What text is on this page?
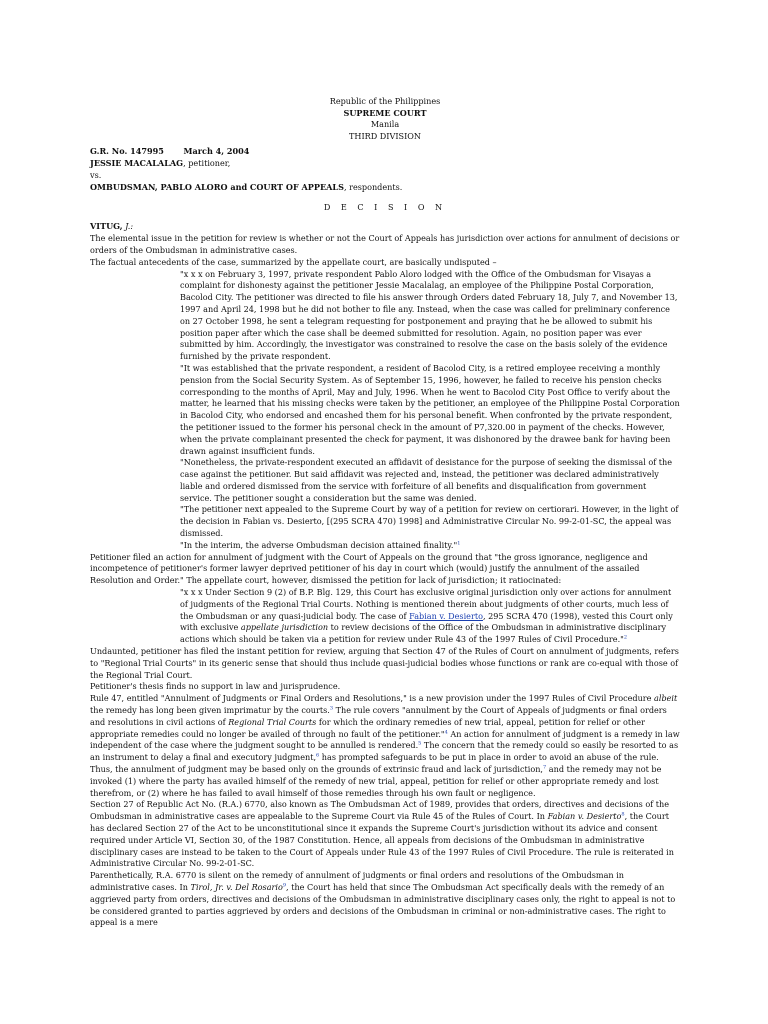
Republic of the Philippines

SUPREME COURT

Manila

THIRD DIVISION

G.R. No. 147995 March 4, 2004

JESSIE MACALALAG, petitioner,

vs.

OMBUDSMAN, PABLO ALORO and COURT OF APPEALS, respondents.

D E C I S I O N

VITUG, J.:

The elemental issue in the petition for review is whether or not the Court of Appeals has jurisdiction over actions for annulment of decisions or orders of the Ombudsman in administrative cases.

The factual antecedents of the case, summarized by the appellate court, are basically undisputed –

"x x x on February 3, 1997, private respondent Pablo Aloro lodged with the Office of the Ombudsman for Visayas a complaint for dishonesty against the petitioner Jessie Macalalag, an employee of the Philippine Postal Corporation, Bacolod City. The petitioner was directed to file his answer through Orders dated February 18, July 7, and November 13, 1997 and April 24, 1998 but he did not bother to file any. Instead, when the case was called for preliminary conference on 27 October 1998, he sent a telegram requesting for postponement and praying that he be allowed to submit his position paper after which the case shall be deemed submitted for resolution. Again, no position paper was ever submitted by him. Accordingly, the investigator was constrained to resolve the case on the basis solely of the evidence furnished by the private respondent.

"It was established that the private respondent, a resident of Bacolod City, is a retired employee receiving a monthly pension from the Social Security System. As of September 15, 1996, however, he failed to receive his pension checks corresponding to the months of April, May and July, 1996. When he went to Bacolod City Post Office to verify about the matter, he learned that his missing checks were taken by the petitioner, an employee of the Philippine Postal Corporation in Bacolod City, who endorsed and encashed them for his personal benefit. When confronted by the private respondent, the petitioner issued to the former his personal check in the amount of P7,320.00 in payment of the checks. However, when the private complainant presented the check for payment, it was dishonored by the drawee bank for having been drawn against insufficient funds.

"Nonetheless, the private-respondent executed an affidavit of desistance for the purpose of seeking the dismissal of the case against the petitioner. But said affidavit was rejected and, instead, the petitioner was declared administratively liable and ordered dismissed from the service with forfeiture of all benefits and disqualification from government service. The petitioner sought a consideration but the same was denied.

"The petitioner next appealed to the Supreme Court by way of a petition for review on certiorari. However, in the light of the decision in Fabian vs. Desierto, [(295 SCRA 470) 1998] and Administrative Circular No. 99-2-01-SC, the appeal was dismissed.

"In the interim, the adverse Ombudsman decision attained finality."$^1$

Petitioner filed an action for annulment of judgment with the Court of Appeals on the ground that "the gross ignorance, negligence and incompetence of petitioner's former lawyer deprived petitioner of his day in court which (would) justify the annulment of the assailed Resolution and Order." The appellate court, however, dismissed the petition for lack of jurisdiction; it ratiocinated:

"x x x Under Section 9 (2) of B.P. Blg. 129, this Court has exclusive original jurisdiction only over actions for annulment of judgments of the Regional Trial Courts. Nothing is mentioned therein about judgments of other courts, much less of the Ombudsman or any quasi-judicial body. The case of Fabian v. Desierto, 295 SCRA 470 (1998), vested this Court only with exclusive appellate jurisdiction to review decisions of the Office of the Ombudsman in administrative disciplinary actions which should be taken via a petition for review under Rule 43 of the 1997 Rules of Civil Procedure."$^2$

Undaunted, petitioner has filed the instant petition for review, arguing that Section 47 of the Rules of Court on annulment of judgments, refers to "Regional Trial Courts" in its generic sense that should thus include quasi-judicial bodies whose functions or rank are co-equal with those of the Regional Trial Court.

Petitioner's thesis finds no support in law and jurisprudence.

Rule 47, entitled "Annulment of Judgments or Final Orders and Resolutions," is a new provision under the 1997 Rules of Civil Procedure albeit the remedy has long been given imprimatur by the courts.$^3$ The rule covers "annulment by the Court of Appeals of judgments or final orders and resolutions in civil actions of Regional Trial Courts for which the ordinary remedies of new trial, appeal, petition for relief or other appropriate remedies could no longer be availed of through no fault of the petitioner."$^4$ An action for annulment of judgment is a remedy in law independent of the case where the judgment sought to be annulled is rendered.$^5$ The concern that the remedy could so easily be resorted to as an instrument to delay a final and executory judgment,$^6$ has prompted safeguards to be put in place in order to avoid an abuse of the rule. Thus, the annulment of judgment may be based only on the grounds of extrinsic fraud and lack of jurisdiction,$^7$ and the remedy may not be invoked (1) where the party has availed himself of the remedy of new trial, appeal, petition for relief or other appropriate remedy and lost therefrom, or (2) where he has failed to avail himself of those remedies through his own fault or negligence.

Section 27 of Republic Act No. (R.A.) 6770, also known as The Ombudsman Act of 1989, provides that orders, directives and decisions of the Ombudsman in administrative cases are appealable to the Supreme Court via Rule 45 of the Rules of Court. In Fabian v. Desierto$^8$, the Court has declared Section 27 of the Act to be unconstitutional since it expands the Supreme Court's jurisdiction without its advice and consent required under Article VI, Section 30, of the 1987 Constitution. Hence, all appeals from decisions of the Ombudsman in administrative disciplinary cases are instead to be taken to the Court of Appeals under Rule 43 of the 1997 Rules of Civil Procedure. The rule is reiterated in Administrative Circular No. 99-2-01-SC.

Parenthetically, R.A. 6770 is silent on the remedy of annulment of judgments or final orders and resolutions of the Ombudsman in administrative cases. In Tirol, Jr. v. Del Rosario$^9$, the Court has held that since The Ombudsman Act specifically deals with the remedy of an aggrieved party from orders, directives and decisions of the Ombudsman in administrative disciplinary cases only, the right to appeal is not to be considered granted to parties aggrieved by orders and decisions of the Ombudsman in criminal or non-administrative cases. The right to appeal is a mere
